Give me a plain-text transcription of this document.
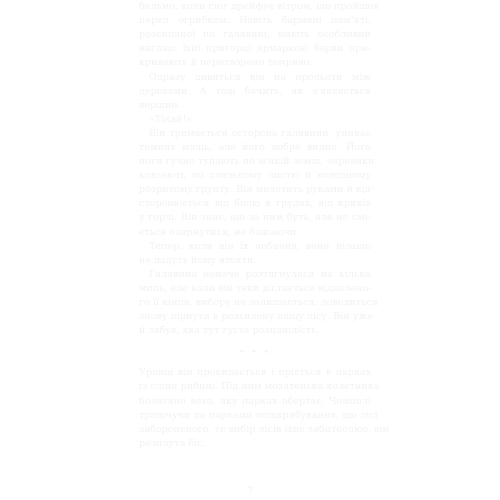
бельмо, коли сніг дрейфує вітром, що пройшов
перед огрибком. Навіть бармені пам'яті,
розсипаної по галявині, мають особливий
вигляд: їхні пригорці ярмаркові барви при-
кривають й перетворено темряво.
Одразу дивиться він на прольоти між
деревами. А тоді бачить, як з'являється
вершин.
«Тікай!»
Він тримається осторонь галявини, уникає
темних місць, але його добре видно. Його
ноги гучно тупають по м'якій землі, черевики
ковзають по слизькому листю й холодному
розритому ґрунту. Він молотить руками й від-
сторонюється від болю в грудях, від криків
у горлі. Він знає, що за ним буть, але не смі-
ється озирнутися, не бажаючи.
Тепер, коли він їх побачив, вони нізащо
не дадуть йому втекти.
Галявина неначе розтягнулася на кілька
миль, але коли він таки дістається віддалено-
го її кінця, вибору не залишається: доводиться
знову пірнути в розхилену пащу лісу. Він уже
й забув, яка тут густа розпанілість.
• • •
Уранці він прокидається і пріється в парках
із сліпи рибині. Під ним мохатенька колєтника
болотяно вехо, яку парках обертає. Чомполі
тріпочучи по парками пошкрябування, що лісі
забороненого, те вибір лісів їхнє забитоолюо, він
розплута біс.
7
